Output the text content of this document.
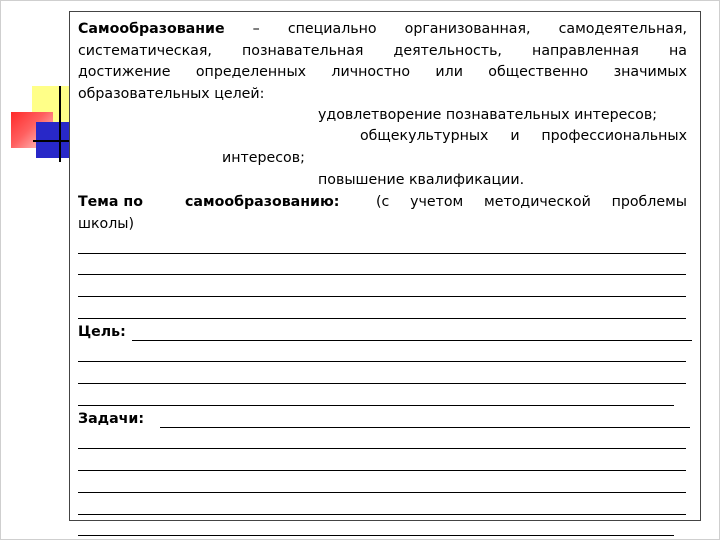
Самообразование – специально организованная, самодеятельная,

систематическая, познавательная деятельность, направленная на

достижение определенных личностно или общественно значимых

образовательных целей:

удовлетворение познавательных интересов;
общекультурных и профессиональных
интересов;
повышение квалификации.
Тема по	самообразованию:	(с учетом методической проблемы
школы)
Цель:
Задачи:
